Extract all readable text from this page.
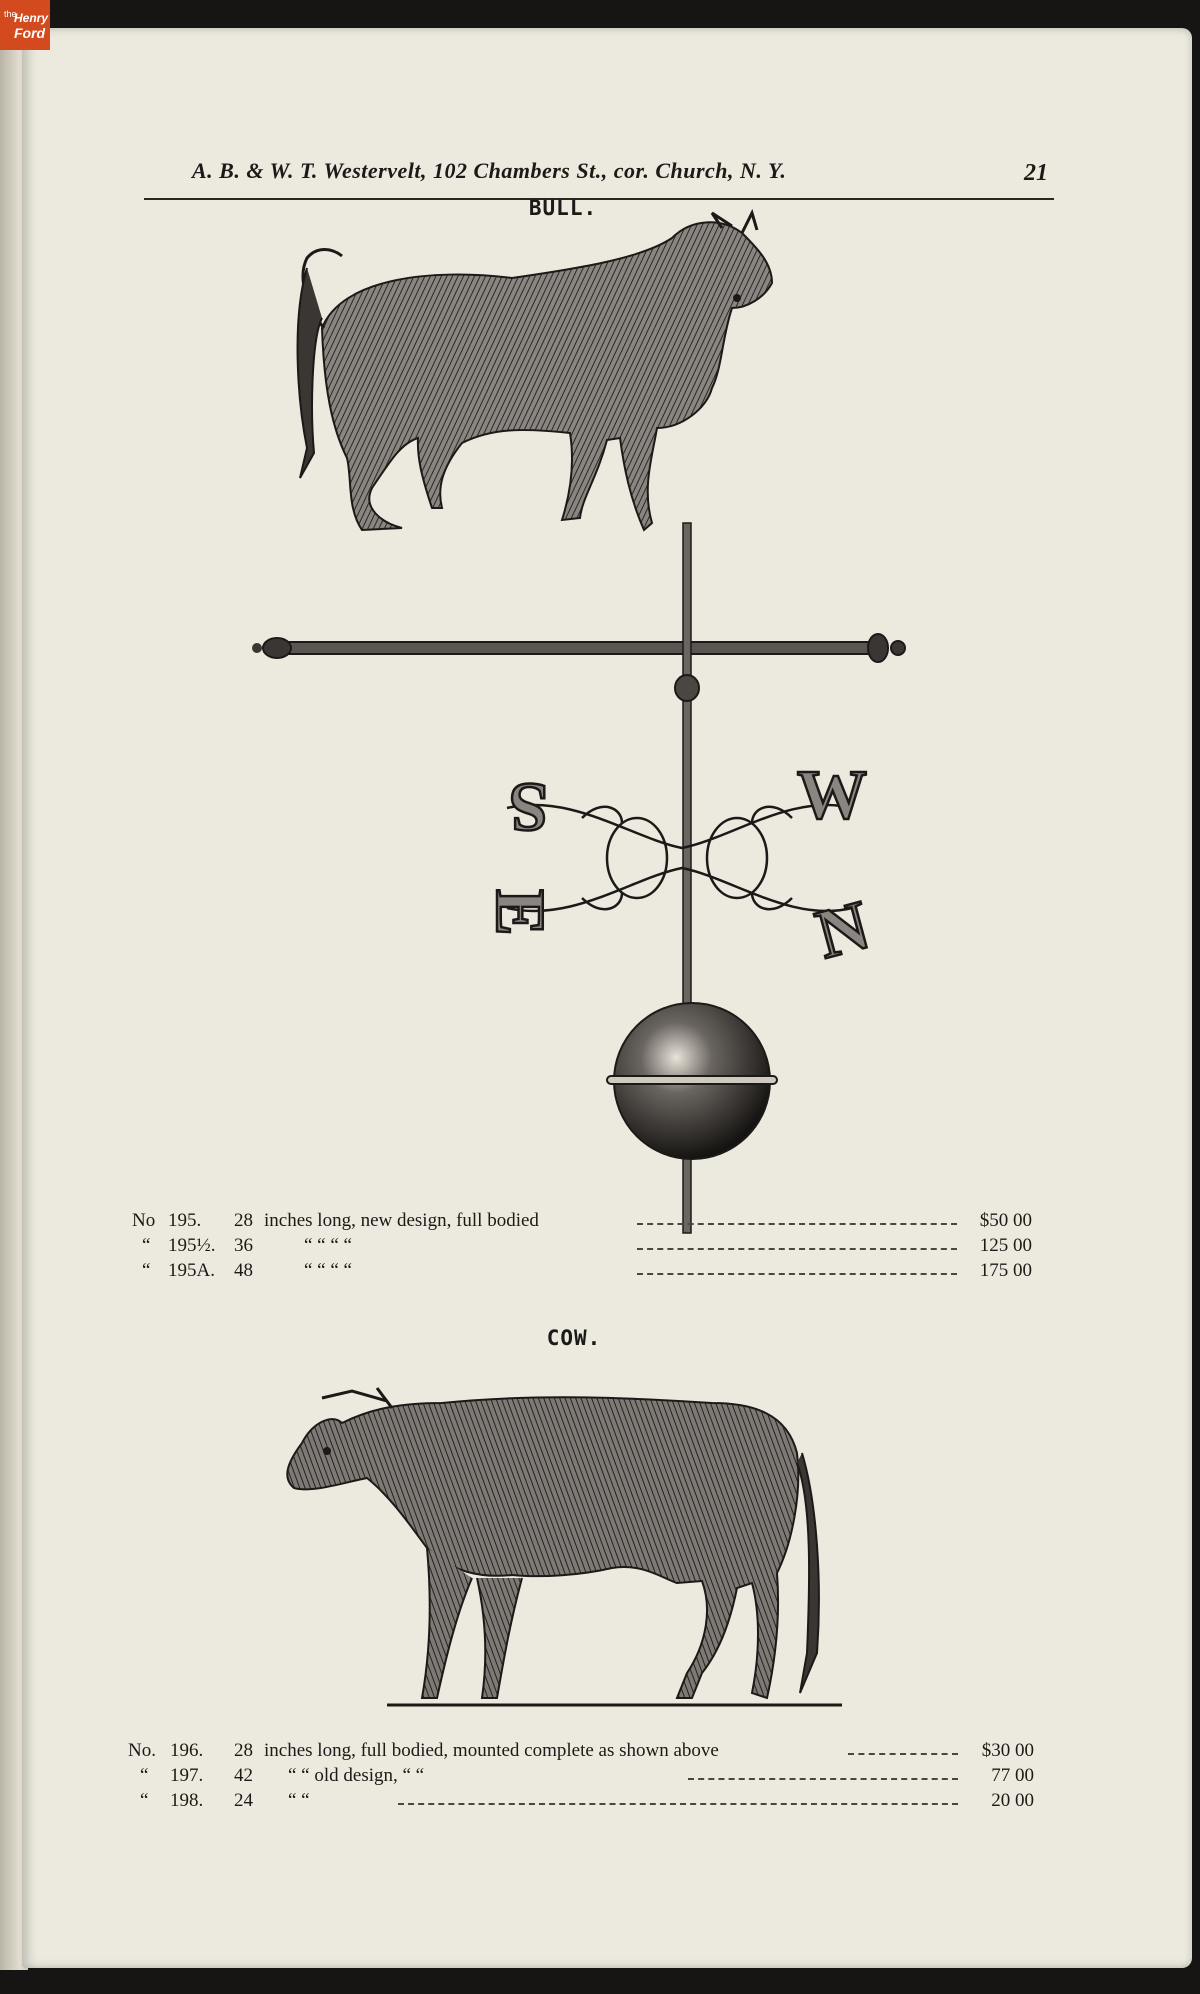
A. B. & W. T. Westervelt, 102 Chambers St., cor. Church, N. Y.	21
BULL.
S	W
E	N
No 195. 28 inches long, new design, full bodied	$50 00
“ 195½. 36	“ “ “ “	125 00
“ 195A. 48	“ “ “ “	175 00
COW.
No. 196. 28 inches long, full bodied, mounted complete as shown above	$30 00
“ 197. 42 “ “ old design, “ “	77 00
“ 198. 24 “ “	20 00
the
Henry
Ford
